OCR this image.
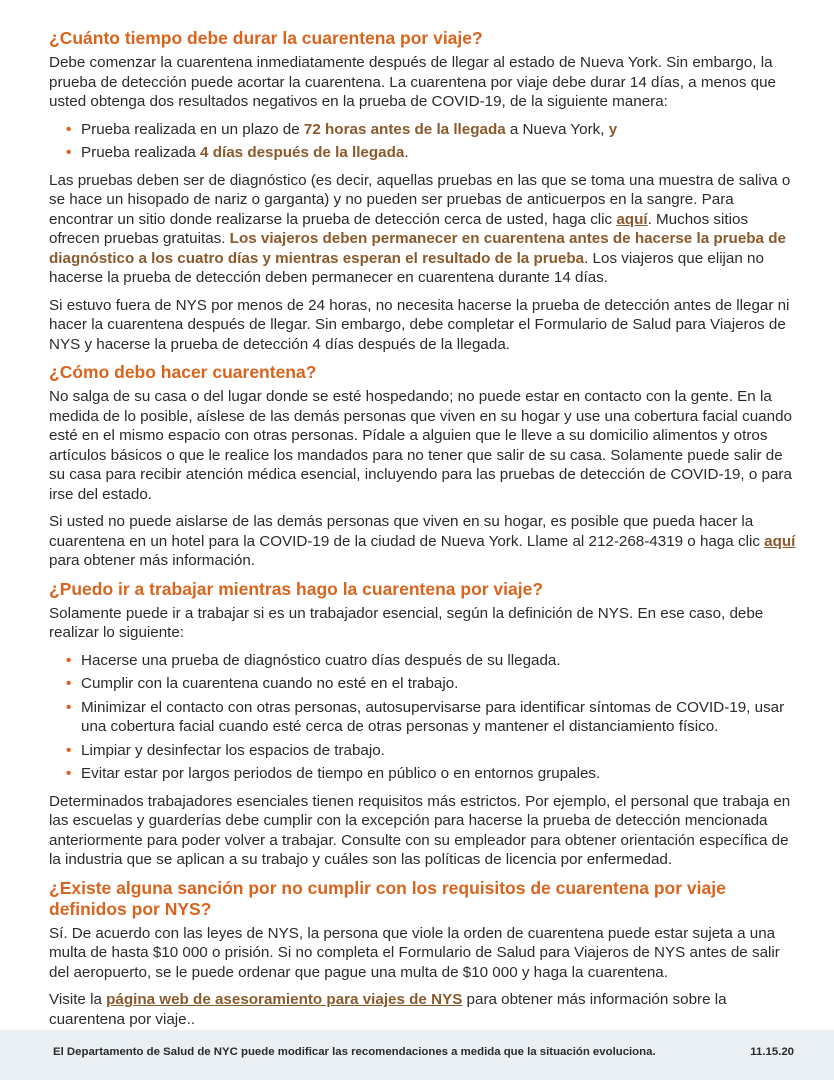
¿Cuánto tiempo debe durar la cuarentena por viaje?

Debe comenzar la cuarentena inmediatamente después de llegar al estado de Nueva York. Sin embargo, la prueba de detección puede acortar la cuarentena. La cuarentena por viaje debe durar 14 días, a menos que usted obtenga dos resultados negativos en la prueba de COVID-19, de la siguiente manera:

• Prueba realizada en un plazo de 72 horas antes de la llegada a Nueva York, y
• Prueba realizada 4 días después de la llegada.

Las pruebas deben ser de diagnóstico (es decir, aquellas pruebas en las que se toma una muestra de saliva o se hace un hisopado de nariz o garganta) y no pueden ser pruebas de anticuerpos en la sangre. Para encontrar un sitio donde realizarse la prueba de detección cerca de usted, haga clic aquí. Muchos sitios ofrecen pruebas gratuitas. Los viajeros deben permanecer en cuarentena antes de hacerse la prueba de diagnóstico a los cuatro días y mientras esperan el resultado de la prueba. Los viajeros que elijan no hacerse la prueba de detección deben permanecer en cuarentena durante 14 días.

Si estuvo fuera de NYS por menos de 24 horas, no necesita hacerse la prueba de detección antes de llegar ni hacer la cuarentena después de llegar. Sin embargo, debe completar el Formulario de Salud para Viajeros de NYS y hacerse la prueba de detección 4 días después de la llegada.

¿Cómo debo hacer cuarentena?

No salga de su casa o del lugar donde se esté hospedando; no puede estar en contacto con la gente. En la medida de lo posible, aíslese de las demás personas que viven en su hogar y use una cobertura facial cuando esté en el mismo espacio con otras personas. Pídale a alguien que le lleve a su domicilio alimentos y otros artículos básicos o que le realice los mandados para no tener que salir de su casa. Solamente puede salir de su casa para recibir atención médica esencial, incluyendo para las pruebas de detección de COVID-19, o para irse del estado.

Si usted no puede aislarse de las demás personas que viven en su hogar, es posible que pueda hacer la cuarentena en un hotel para la COVID-19 de la ciudad de Nueva York. Llame al 212-268-4319 o haga clic aquí para obtener más información.

¿Puedo ir a trabajar mientras hago la cuarentena por viaje?

Solamente puede ir a trabajar si es un trabajador esencial, según la definición de NYS. En ese caso, debe realizar lo siguiente:

• Hacerse una prueba de diagnóstico cuatro días después de su llegada.
• Cumplir con la cuarentena cuando no esté en el trabajo.
• Minimizar el contacto con otras personas, autosupervisarse para identificar síntomas de COVID-19, usar una cobertura facial cuando esté cerca de otras personas y mantener el distanciamiento físico.
• Limpiar y desinfectar los espacios de trabajo.
• Evitar estar por largos periodos de tiempo en público o en entornos grupales.

Determinados trabajadores esenciales tienen requisitos más estrictos. Por ejemplo, el personal que trabaja en las escuelas y guarderías debe cumplir con la excepción para hacerse la prueba de detección mencionada anteriormente para poder volver a trabajar. Consulte con su empleador para obtener orientación específica de la industria que se aplican a su trabajo y cuáles son las políticas de licencia por enfermedad.

¿Existe alguna sanción por no cumplir con los requisitos de cuarentena por viaje definidos por NYS?

Sí. De acuerdo con las leyes de NYS, la persona que viole la orden de cuarentena puede estar sujeta a una multa de hasta $10 000 o prisión. Si no completa el Formulario de Salud para Viajeros de NYS antes de salir del aeropuerto, se le puede ordenar que pague una multa de $10 000 y haga la cuarentena.

Visite la página web de asesoramiento para viajes de NYS para obtener más información sobre la cuarentena por viaje..

El Departamento de Salud de NYC puede modificar las recomendaciones a medida que la situación evoluciona.	11.15.20
